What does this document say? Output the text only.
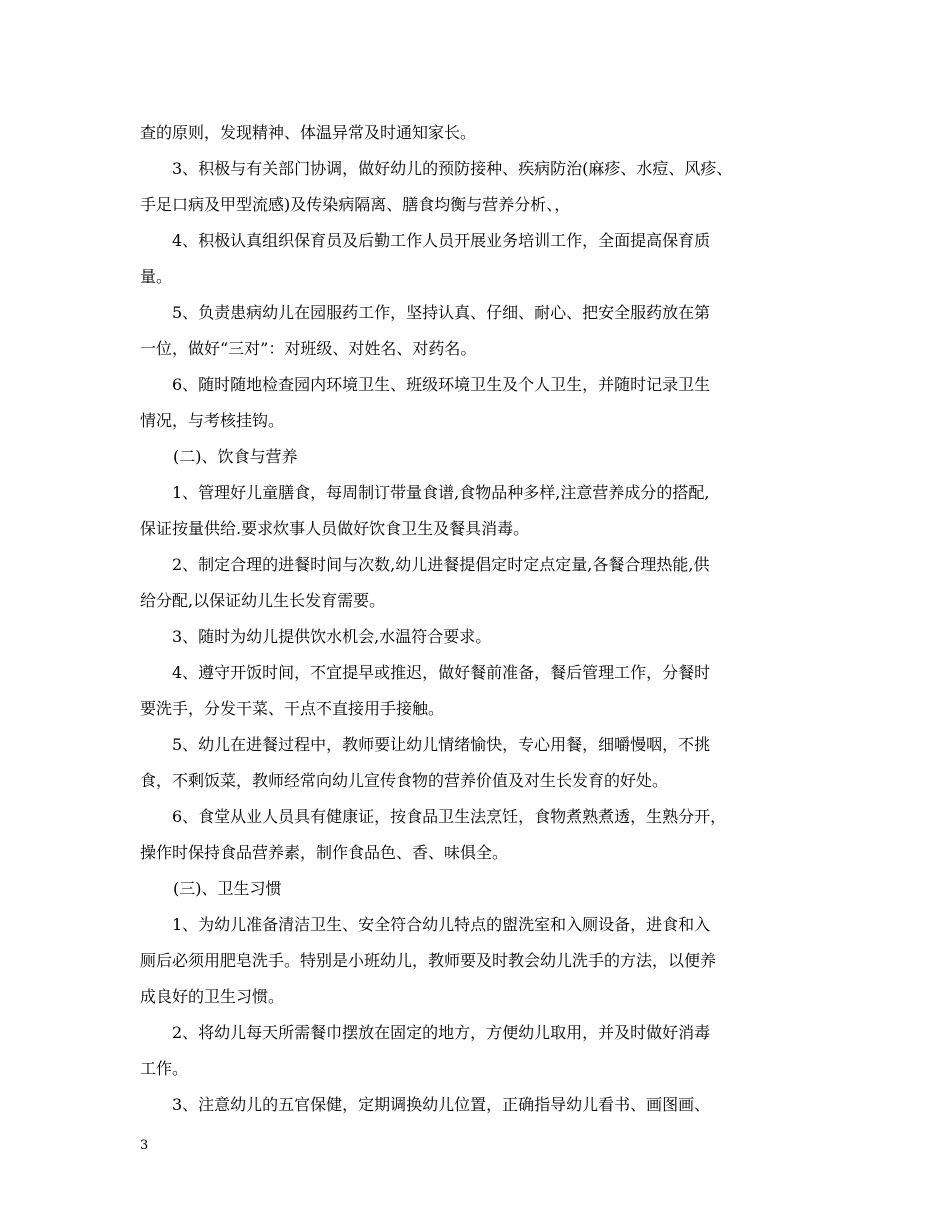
查的原则，发现精神、体温异常及时通知家长。
3、积极与有关部门协调，做好幼儿的预防接种、疾病防治(麻疹、水痘、风疹、
手足口病及甲型流感)及传染病隔离、膳食均衡与营养分析、，
4、积极认真组织保育员及后勤工作人员开展业务培训工作，全面提高保育质
量。
5、负责患病幼儿在园服药工作，坚持认真、仔细、耐心、把安全服药放在第
一位，做好“三对”：对班级、对姓名、对药名。
6、随时随地检查园内环境卫生、班级环境卫生及个人卫生，并随时记录卫生
情况，与考核挂钩。
(二)、饮食与营养
1、管理好儿童膳食，每周制订带量食谱,食物品种多样,注意营养成分的搭配,
保证按量供给.要求炊事人员做好饮食卫生及餐具消毒。
2、制定合理的进餐时间与次数,幼儿进餐提倡定时定点定量,各餐合理热能,供
给分配,以保证幼儿生长发育需要。
3、随时为幼儿提供饮水机会,水温符合要求。
4、遵守开饭时间，不宜提早或推迟，做好餐前准备，餐后管理工作，分餐时
要洗手，分发干菜、干点不直接用手接触。
5、幼儿在进餐过程中，教师要让幼儿情绪愉快，专心用餐，细嚼慢咽，不挑
食，不剩饭菜，教师经常向幼儿宣传食物的营养价值及对生长发育的好处。
6、食堂从业人员具有健康证，按食品卫生法烹饪，食物煮熟煮透，生熟分开，
操作时保持食品营养素，制作食品色、香、味俱全。
(三)、卫生习惯
1、为幼儿准备清洁卫生、安全符合幼儿特点的盥洗室和入厕设备，进食和入
厕后必须用肥皂洗手。特别是小班幼儿，教师要及时教会幼儿洗手的方法，以便养
成良好的卫生习惯。
2、将幼儿每天所需餐巾摆放在固定的地方，方便幼儿取用，并及时做好消毒
工作。
3、注意幼儿的五官保健，定期调换幼儿位置，正确指导幼儿看书、画图画、
3
